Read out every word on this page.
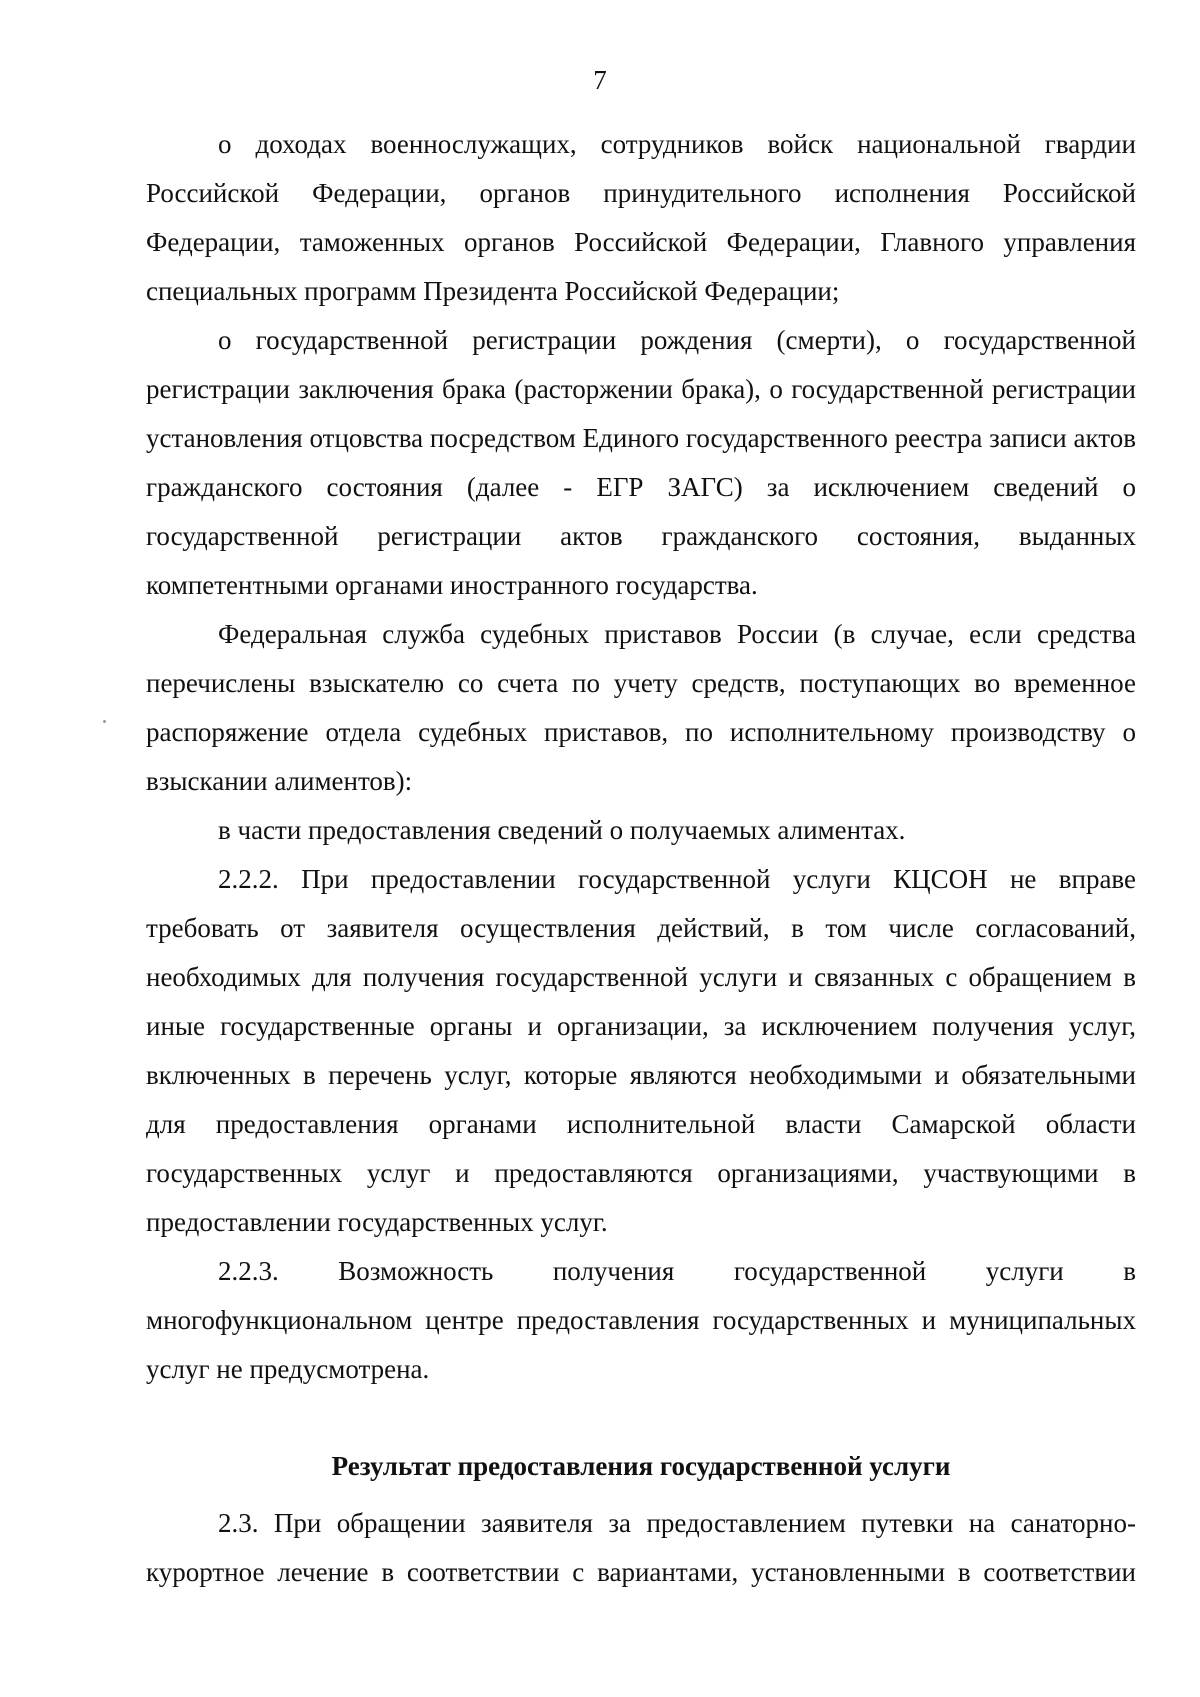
7

о доходах военнослужащих, сотрудников войск национальной гвардии Российской Федерации, органов принудительного исполнения Российской Федерации, таможенных органов Российской Федерации, Главного управления специальных программ Президента Российской Федерации;

о государственной регистрации рождения (смерти), о государственной регистрации заключения брака (расторжении брака), о государственной регистрации установления отцовства посредством Единого государственного реестра записи актов гражданского состояния (далее - ЕГР ЗАГС) за исключением сведений о государственной регистрации актов гражданского состояния, выданных компетентными органами иностранного государства.

Федеральная служба судебных приставов России (в случае, если средства перечислены взыскателю со счета по учету средств, поступающих во временное распоряжение отдела судебных приставов, по исполнительному производству о взыскании алиментов):

в части предоставления сведений о получаемых алиментах.

2.2.2. При предоставлении государственной услуги КЦСОН не вправе требовать от заявителя осуществления действий, в том числе согласований, необходимых для получения государственной услуги и связанных с обращением в иные государственные органы и организации, за исключением получения услуг, включенных в перечень услуг, которые являются необходимыми и обязательными для предоставления органами исполнительной власти Самарской области государственных услуг и предоставляются организациями, участвующими в предоставлении государственных услуг.

2.2.3. Возможность получения государственной услуги в многофункциональном центре предоставления государственных и муниципальных услуг не предусмотрена.

Результат предоставления государственной услуги

2.3. При обращении заявителя за предоставлением путевки на санаторно-курортное лечение в соответствии с вариантами, установленными в соответствии
